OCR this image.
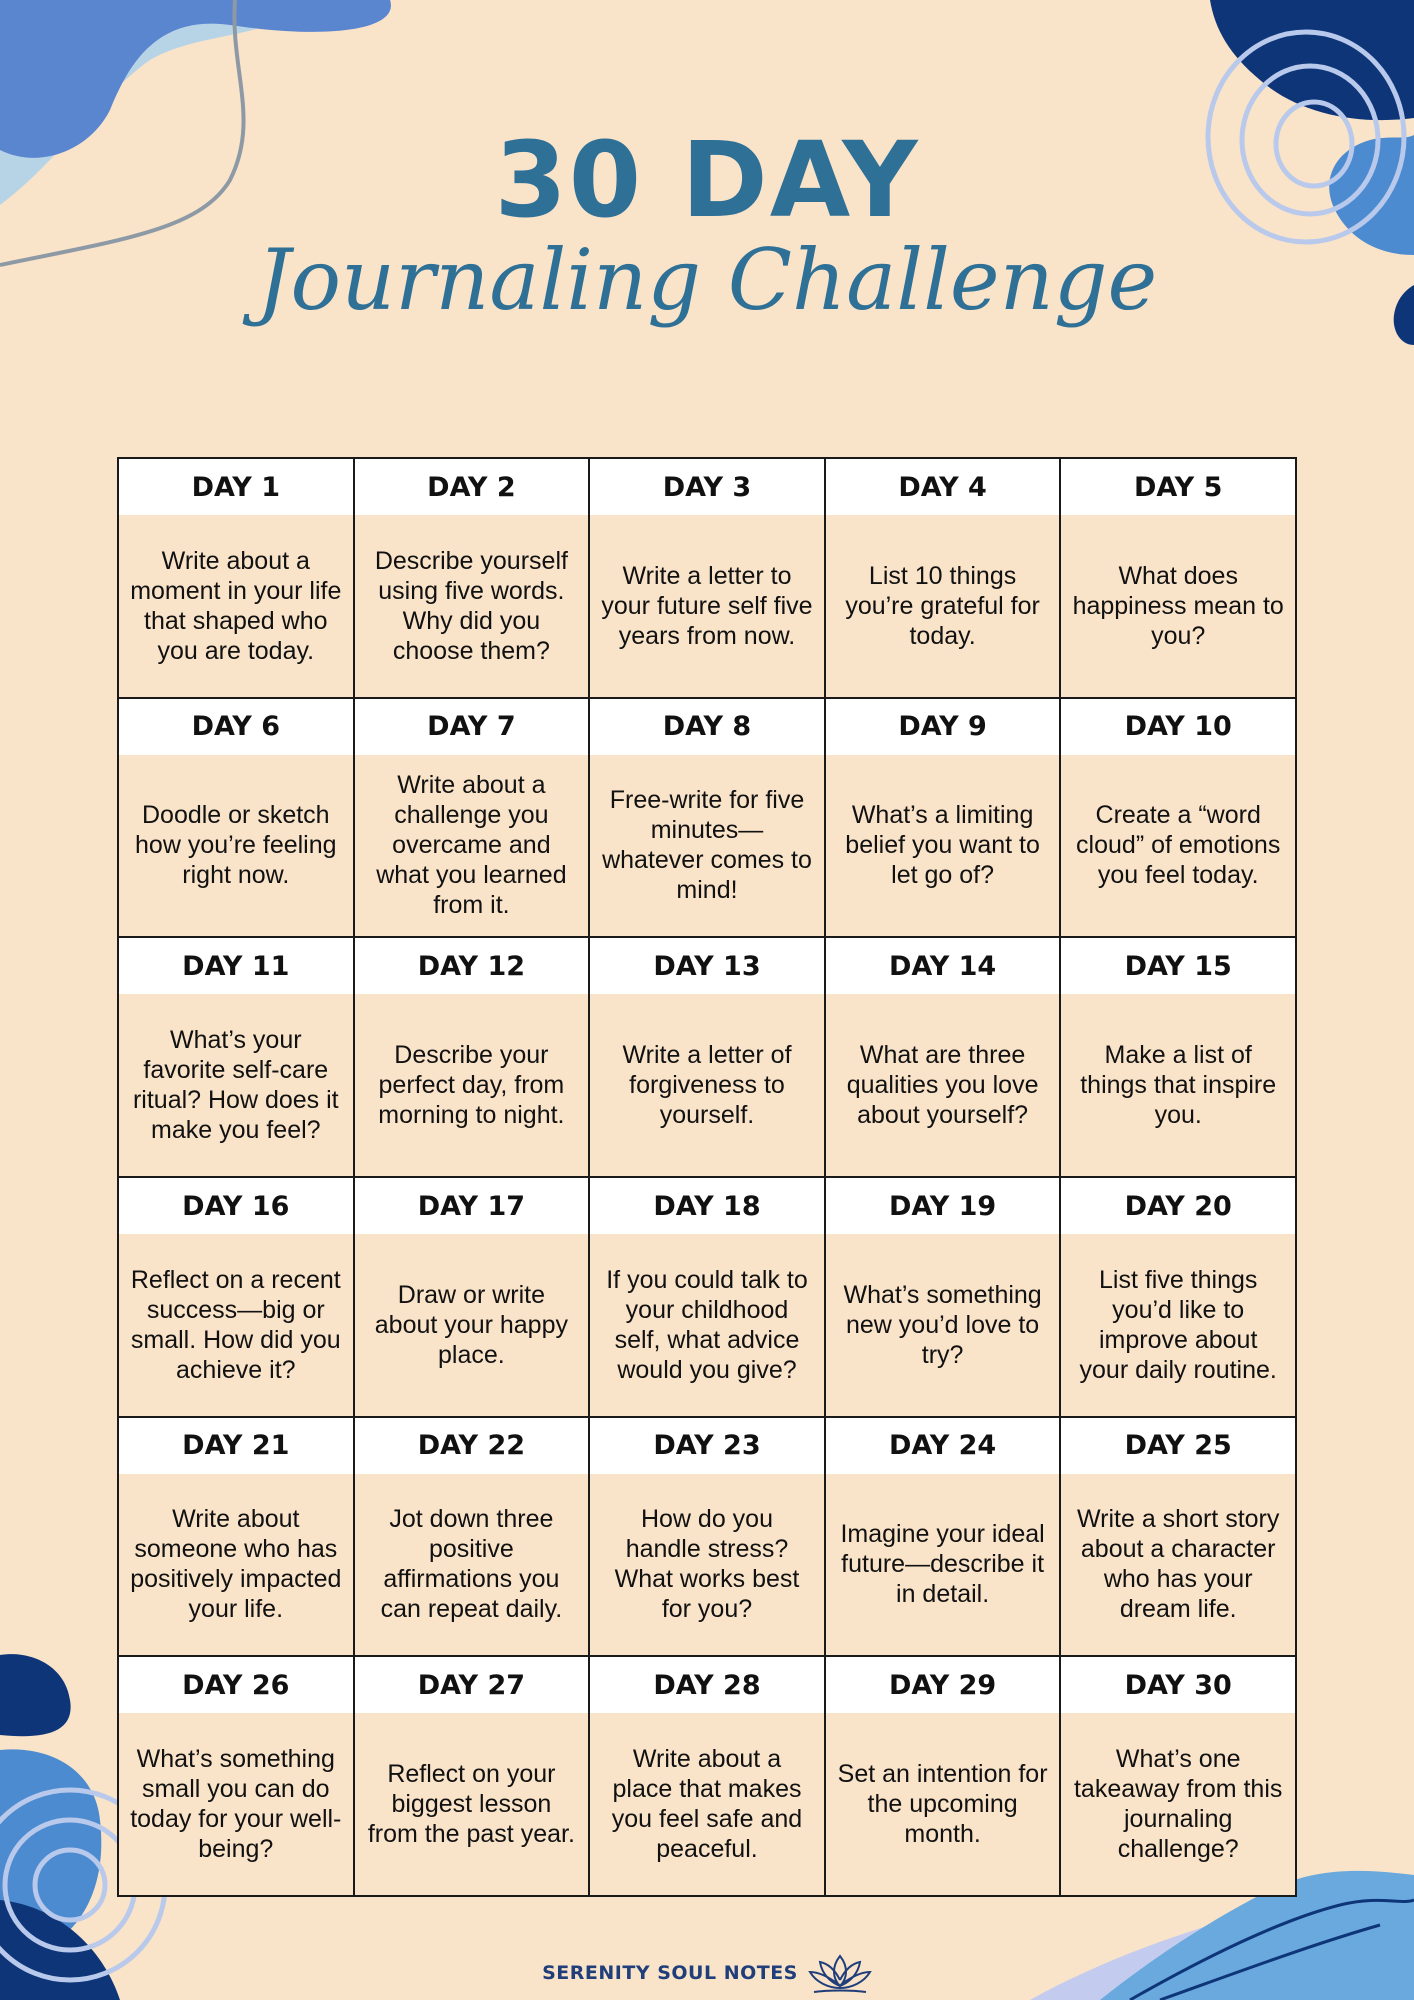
30 DAY
Journaling Challenge
DAY 1
Write about a moment in your life that shaped who you are today.
DAY 2
Describe yourself using five words. Why did you choose them?
DAY 3
Write a letter to your future self five years from now.
DAY 4
List 10 things you’re grateful for today.
DAY 5
What does happiness mean to you?
DAY 6
Doodle or sketch how you’re feeling right now.
DAY 7
Write about a challenge you overcame and what you learned from it.
DAY 8
Free-write for five minutes—whatever comes to mind!
DAY 9
What’s a limiting belief you want to let go of?
DAY 10
Create a “word cloud” of emotions you feel today.
DAY 11
What’s your favorite self-care ritual? How does it make you feel?
DAY 12
Describe your perfect day, from morning to night.
DAY 13
Write a letter of forgiveness to yourself.
DAY 14
What are three qualities you love about yourself?
DAY 15
Make a list of things that inspire you.
DAY 16
Reflect on a recent success—big or small. How did you achieve it?
DAY 17
Draw or write about your happy place.
DAY 18
If you could talk to your childhood self, what advice would you give?
DAY 19
What’s something new you’d love to try?
DAY 20
List five things you’d like to improve about your daily routine.
DAY 21
Write about someone who has positively impacted your life.
DAY 22
Jot down three positive affirmations you can repeat daily.
DAY 23
How do you handle stress? What works best for you?
DAY 24
Imagine your ideal future—describe it in detail.
DAY 25
Write a short story about a character who has your dream life.
DAY 26
What’s something small you can do today for your well-being?
DAY 27
Reflect on your biggest lesson from the past year.
DAY 28
Write about a place that makes you feel safe and peaceful.
DAY 29
Set an intention for the upcoming month.
DAY 30
What’s one takeaway from this journaling challenge?
SERENITY SOUL NOTES
